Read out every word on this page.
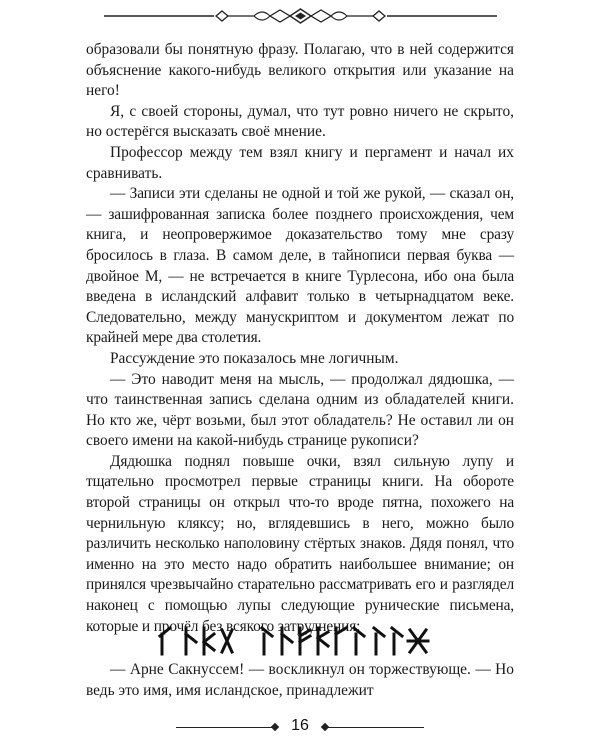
образовали бы понятную фразу. Полагаю, что в ней содержится объяснение какого-нибудь великого открытия или указание на него!

Я, с своей стороны, думал, что тут ровно ничего не скрыто, но остерёгся высказать своё мнение.

Профессор между тем взял книгу и пергамент и начал их сравнивать.

— Записи эти сделаны не одной и той же рукой, — сказал он, — зашифрованная записка более позднего происхождения, чем книга, и неопровержимое доказательство тому мне сразу бросилось в глаза. В самом деле, в тайнописи первая буква — двойное М, — не встречается в книге Турлесона, ибо она была введена в исландский алфавит только в четырнадцатом веке. Следовательно, между манускриптом и документом лежат по крайней мере два столетия.

Рассуждение это показалось мне логичным.

— Это наводит меня на мысль, — продолжал дядюшка, — что таинственная запись сделана одним из обладателей книги. Но кто же, чёрт возьми, был этот обладатель? Не оставил ли он своего имени на какой-нибудь странице рукописи?

Дядюшка поднял повыше очки, взял сильную лупу и тщательно просмотрел первые страницы книги. На обороте второй страницы он открыл что-то вроде пятна, похожего на чернильную кляксу; но, вглядевшись в него, можно было различить несколько наполовину стёртых знаков. Дядя понял, что именно на это место надо обратить наибольшее внимание; он принялся чрезвычайно старательно рассматривать его и разглядел наконец с помощью лупы следующие рунические письмена, которые и прочёл без всякого затруднения:

— Арне Сакнуссем! — воскликнул он торжествующе. — Но ведь это имя, имя исландское, принадлежит

16
